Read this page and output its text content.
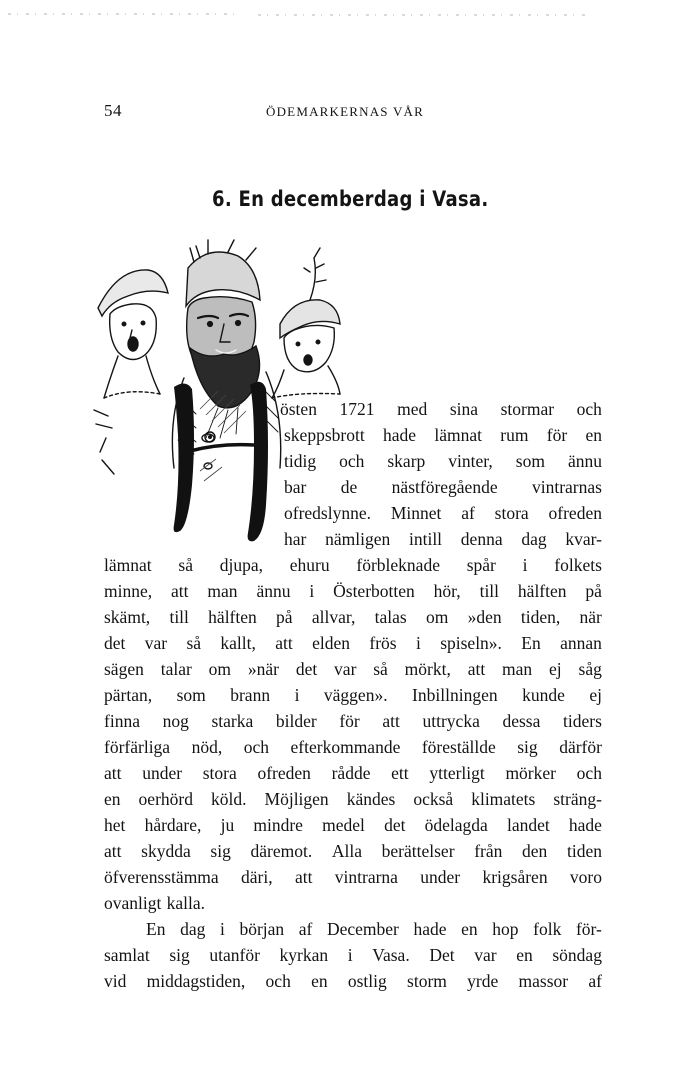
54	ÖDEMARKERNAS VÅR
6. En decemberdag i Vasa.
östen 1721 med sina stormar och
skeppsbrott hade lämnat rum för en
tidig och skarp vinter, som ännu
bar de nästföregående vintrarnas
ofredslynne. Minnet af stora ofreden
har nämligen intill denna dag kvar-
lämnat så djupa, ehuru förbleknade spår i folkets
minne, att man ännu i Österbotten hör, till hälften på
skämt, till hälften på allvar, talas om »den tiden, när
det var så kallt, att elden frös i spiseln». En annan
sägen talar om »när det var så mörkt, att man ej såg
pärtan, som brann i väggen». Inbillningen kunde ej
finna nog starka bilder för att uttrycka dessa tiders
förfärliga nöd, och efterkommande föreställde sig därför
att under stora ofreden rådde ett ytterligt mörker och
en oerhörd köld. Möjligen kändes också klimatets sträng-
het hårdare, ju mindre medel det ödelagda landet hade
att skydda sig däremot. Alla berättelser från den tiden
öfverensstämma däri, att vintrarna under krigsåren voro
ovanligt kalla.
En dag i början af December hade en hop folk för-
samlat sig utanför kyrkan i Vasa. Det var en söndag
vid middagstiden, och en ostlig storm yrde massor af
